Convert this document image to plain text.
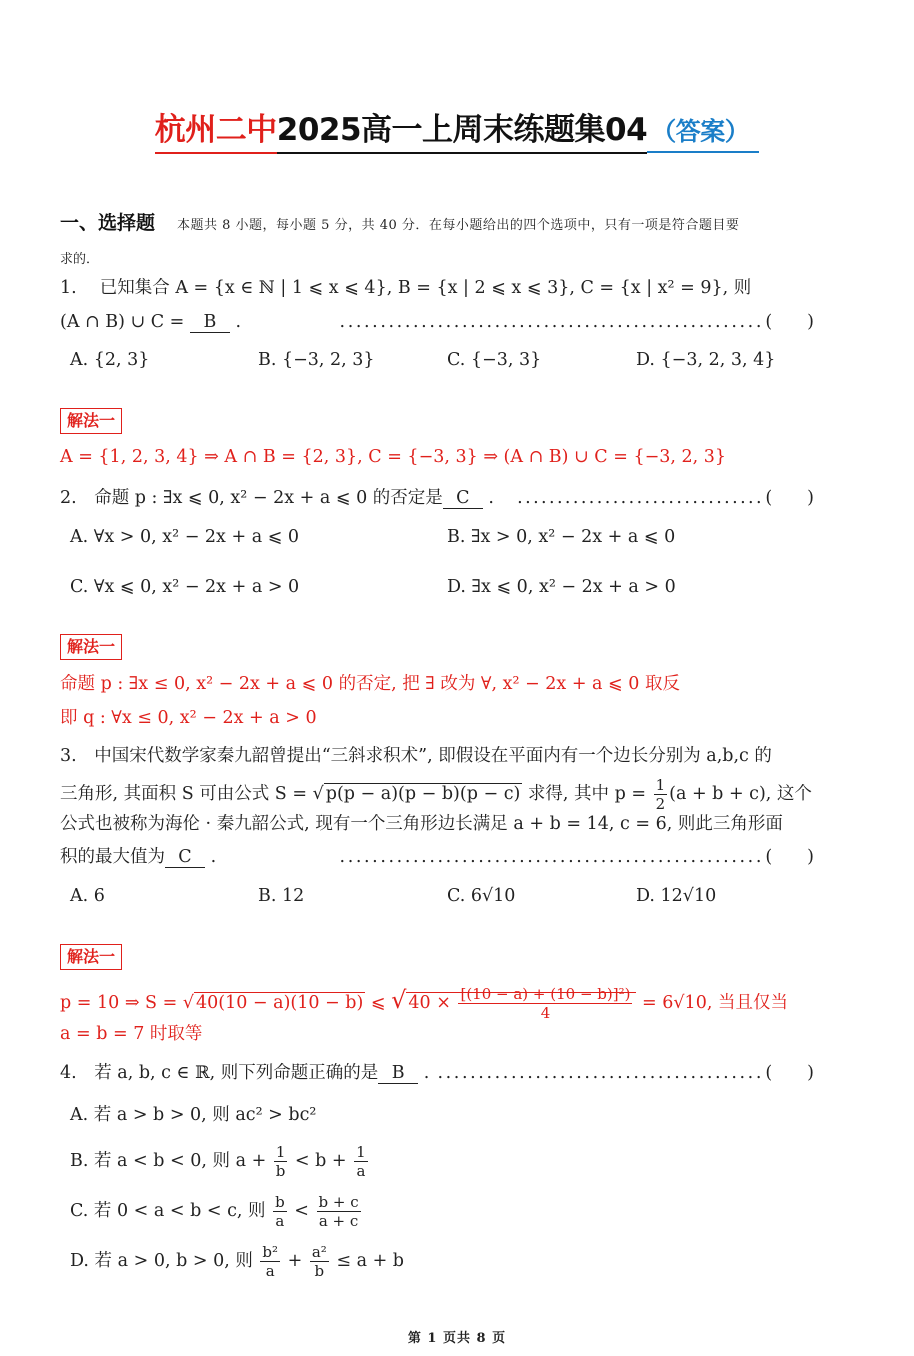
杭州二中2025高一上周末练题集04 （答案）
一、选择题 本题共 8 小题，每小题 5 分，共 40 分．在每小题给出的四个选项中，只有一项是符合题目要
求的．
1.　 已知集合 A = {x ∈ ℕ | 1 ⩽ x ⩽ 4}, B = {x | 2 ⩽ x ⩽ 3}, C = {x | x² = 9}, 则
(A ∩ B) ∪ C = B .	.................................................... (　　)
A. {2, 3}	B. {−3, 2, 3}	C. {−3, 3}	D. {−3, 2, 3, 4}
解法一
A = {1, 2, 3, 4} ⇒ A ∩ B = {2, 3}, C = {−3, 3} ⇒ (A ∩ B) ∪ C = {−3, 2, 3}
2.　命题 p : ∃x ⩽ 0, x² − 2x + a ⩽ 0 的否定是 C . ............................... (　　)
A. ∀x > 0, x² − 2x + a ⩽ 0	B. ∃x > 0, x² − 2x + a ⩽ 0
C. ∀x ⩽ 0, x² − 2x + a > 0	D. ∃x ⩽ 0, x² − 2x + a > 0
解法一
命题 p : ∃x ≤ 0, x² − 2x + a ⩽ 0 的否定, 把 ∃ 改为 ∀, x² − 2x + a ⩽ 0 取反
即 q : ∀x ≤ 0, x² − 2x + a > 0
3.　中国宋代数学家秦九韶曾提出“三斜求积术”, 即假设在平面内有一个边长分别为 a,b,c 的
三角形, 其面积 S 可由公式 S = √ p(p − a)(p − b)(p − c) 求得, 其中 $p = \frac{1}{2} (a + b + c)$, 这个
公式也被称为海伦 · 秦九韶公式, 现有一个三角形边长满足 a + b = 14, c = 6, 则此三角形面
积的最大值为 C .	.................................................... (　　)
A. 6	B. 12	C. 6√10	D. 12√10
解法一
p = 10 ⇒ S = √ 40(10 − a)(10 − b) ⩽ √ $40 \times \frac{\text{[(10 − a) + (10 − b)]²)}}{4} = 6√10$, 当且仅当
a = b = 7 时取等
4.　若 a, b, c ∈ ℝ, 则下列命题正确的是 B . ........................................ (　　)
A. 若 a > b > 0, 则 ac² > bc²
B. 若 a < b < 0, 则 $a + \frac{1}{b} < b + \frac{1}{a}$
C. 若 0 < a < b < c, 则 $\frac{b}{a} < \frac{b + c}{a + c}$
D. 若 a > 0, b > 0, 则 $\frac{\text{b²}}{a} + \frac{\text{a²}}{b} \le a + b$
第 1 页共 8 页
